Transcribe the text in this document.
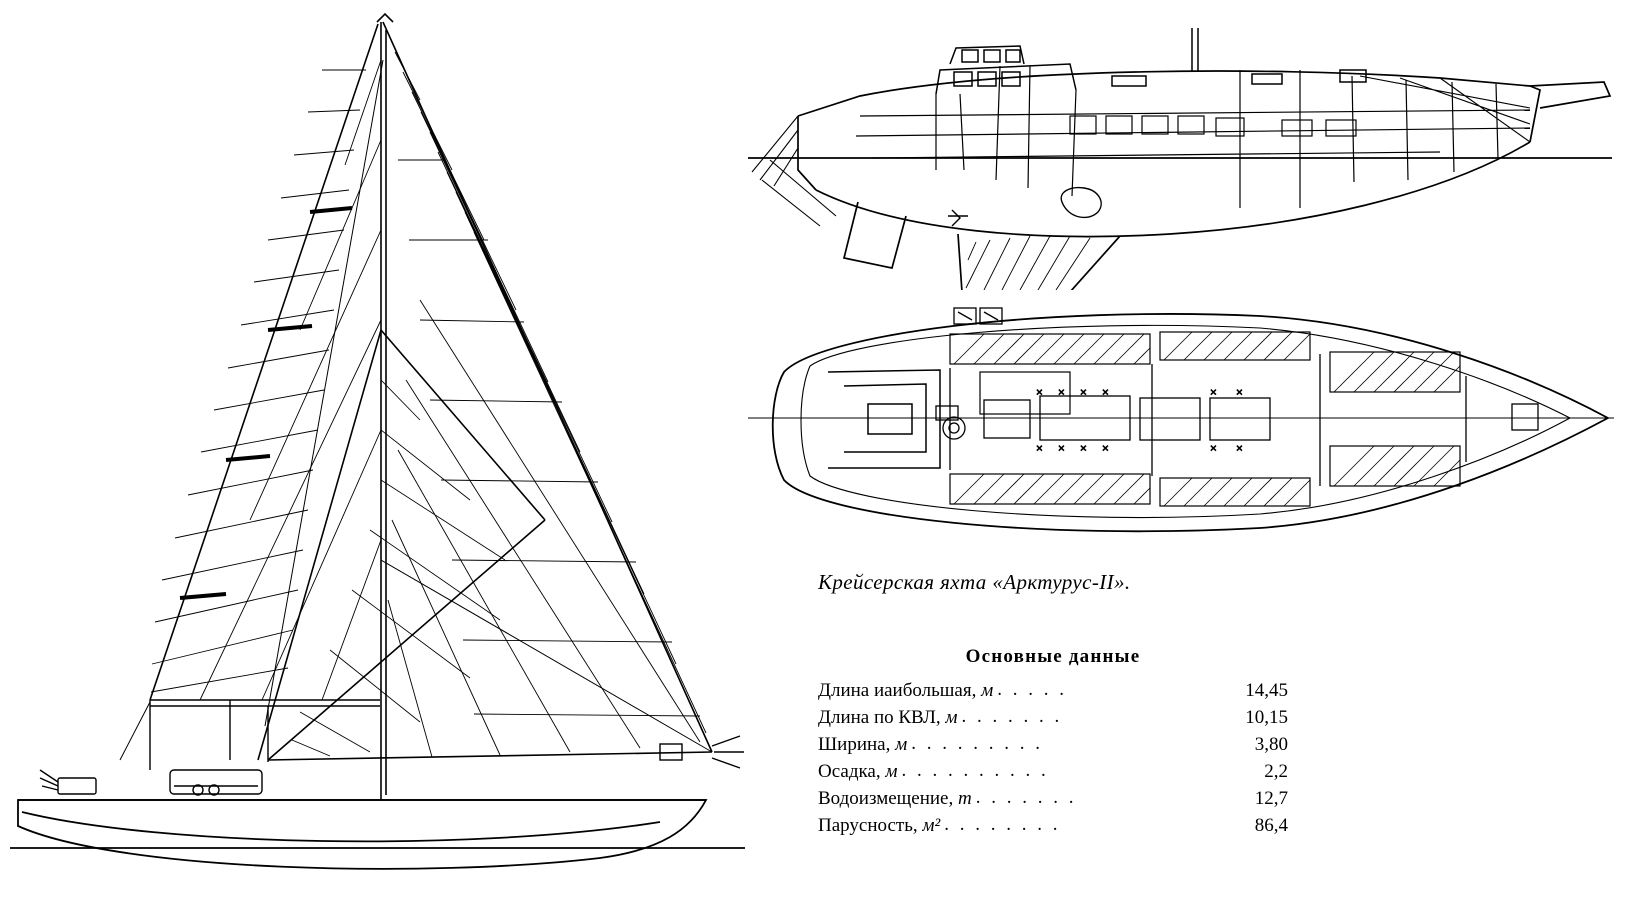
× × × ×
× × × ×
×
×
×
×
Крейсерская яхта «Арктурус-II».
Основные данные
Длина иаибольшая, м . . . . .	14,45
Длина по КВЛ, м . . . . . . .	10,15
Ширина, м . . . . . . . . .	3,80
Осадка, м . . . . . . . . . .	2,2
Водоизмещение, т . . . . . . .	12,7
Парусность, м² . . . . . . . .	86,4
